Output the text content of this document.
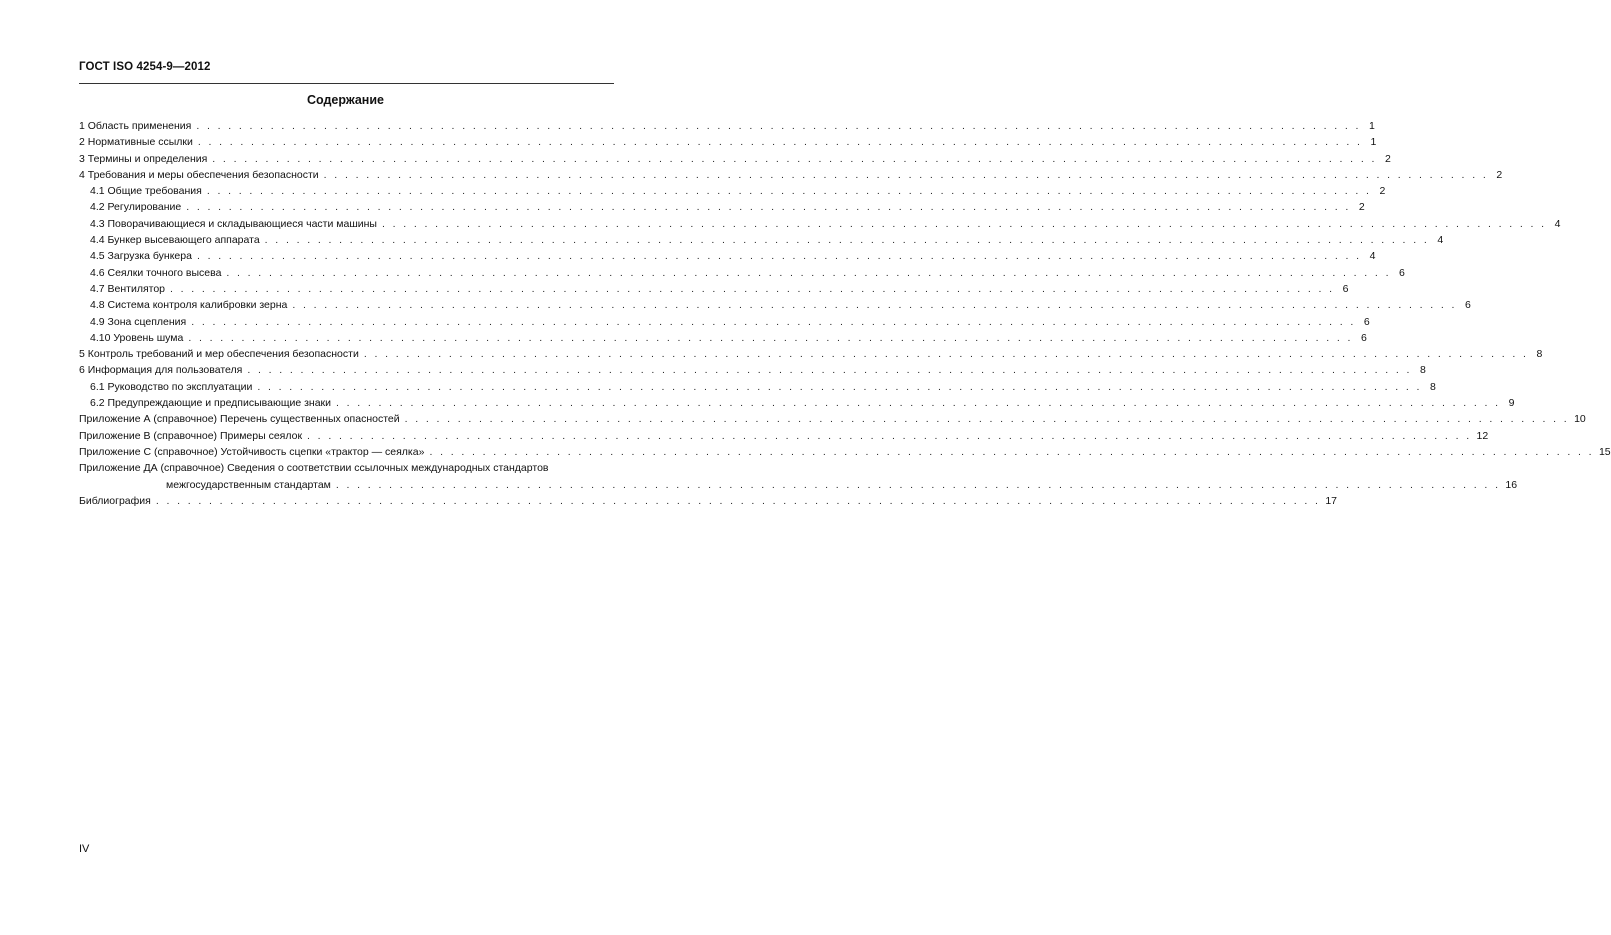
ГОСТ ISO 4254-9—2012
Содержание
1 Область применения . . . . . . . . . . . . . . . . . . . . . . . . . . . . . . . . . . . . . . . . . . . . . . . . . . . . . . . . . . . . . . . . . . . . . . . . . . . . . . . . . . . . . . . . . . . . . . . . . . . . . . . . . . . . . . 1
2 Нормативные ссылки . . . . . . . . . . . . . . . . . . . . . . . . . . . . . . . . . . . . . . . . . . . . . . . . . . . . . . . . . . . . . . . . . . . . . . . . . . . . . . . . . . . . . . . . . . . . . . . . . . . . . . . . . . . . . . 1
3 Термины и определения . . . . . . . . . . . . . . . . . . . . . . . . . . . . . . . . . . . . . . . . . . . . . . . . . . . . . . . . . . . . . . . . . . . . . . . . . . . . . . . . . . . . . . . . . . . . . . . . . . . . . . . . . . . . . . 2
4 Требования и меры обеспечения безопасности . . . . . . . . . . . . . . . . . . . . . . . . . . . . . . . . . . . . . . . . . . . . . . . . . . . . . . . . . . . . . . . . . . . . . . . . . . . . . . . . . . . . . . . . . . . . . . . . . . . . . . . . . . . . . . 2
4.1 Общие требования . . . . . . . . . . . . . . . . . . . . . . . . . . . . . . . . . . . . . . . . . . . . . . . . . . . . . . . . . . . . . . . . . . . . . . . . . . . . . . . . . . . . . . . . . . . . . . . . . . . . . . . . . . . . . . 2
4.2 Регулирование . . . . . . . . . . . . . . . . . . . . . . . . . . . . . . . . . . . . . . . . . . . . . . . . . . . . . . . . . . . . . . . . . . . . . . . . . . . . . . . . . . . . . . . . . . . . . . . . . . . . . . . . . . . . . . 2
4.3 Поворачивающиеся и складывающиеся части машины . . . . . . . . . . . . . . . . . . . . . . . . . . . . . . . . . . . . . . . . . . . . . . . . . . . . . . . . . . . . . . . . . . . . . . . . . . . . . . . . . . . . . . . . . . . . . . . . . . . . . . . . . . . . . . 4
4.4 Бункер высевающего аппарата . . . . . . . . . . . . . . . . . . . . . . . . . . . . . . . . . . . . . . . . . . . . . . . . . . . . . . . . . . . . . . . . . . . . . . . . . . . . . . . . . . . . . . . . . . . . . . . . . . . . . . . . . . . . . . 4
4.5 Загрузка бункера . . . . . . . . . . . . . . . . . . . . . . . . . . . . . . . . . . . . . . . . . . . . . . . . . . . . . . . . . . . . . . . . . . . . . . . . . . . . . . . . . . . . . . . . . . . . . . . . . . . . . . . . . . . . . . 4
4.6 Сеялки точного высева . . . . . . . . . . . . . . . . . . . . . . . . . . . . . . . . . . . . . . . . . . . . . . . . . . . . . . . . . . . . . . . . . . . . . . . . . . . . . . . . . . . . . . . . . . . . . . . . . . . . . . . . . . . . . . 6
4.7 Вентилятор . . . . . . . . . . . . . . . . . . . . . . . . . . . . . . . . . . . . . . . . . . . . . . . . . . . . . . . . . . . . . . . . . . . . . . . . . . . . . . . . . . . . . . . . . . . . . . . . . . . . . . . . . . . . . . 6
4.8 Система контроля калибровки зерна . . . . . . . . . . . . . . . . . . . . . . . . . . . . . . . . . . . . . . . . . . . . . . . . . . . . . . . . . . . . . . . . . . . . . . . . . . . . . . . . . . . . . . . . . . . . . . . . . . . . . . . . . . . . . . 6
4.9 Зона сцепления . . . . . . . . . . . . . . . . . . . . . . . . . . . . . . . . . . . . . . . . . . . . . . . . . . . . . . . . . . . . . . . . . . . . . . . . . . . . . . . . . . . . . . . . . . . . . . . . . . . . . . . . . . . . . . 6
4.10 Уровень шума . . . . . . . . . . . . . . . . . . . . . . . . . . . . . . . . . . . . . . . . . . . . . . . . . . . . . . . . . . . . . . . . . . . . . . . . . . . . . . . . . . . . . . . . . . . . . . . . . . . . . . . . . . . . . . 6
5 Контроль требований и мер обеспечения безопасности . . . . . . . . . . . . . . . . . . . . . . . . . . . . . . . . . . . . . . . . . . . . . . . . . . . . . . . . . . . . . . . . . . . . . . . . . . . . . . . . . . . . . . . . . . . . . . . . . . . . . . . . . . . . . . 8
6 Информация для пользователя . . . . . . . . . . . . . . . . . . . . . . . . . . . . . . . . . . . . . . . . . . . . . . . . . . . . . . . . . . . . . . . . . . . . . . . . . . . . . . . . . . . . . . . . . . . . . . . . . . . . . . . . . . . . . . 8
6.1 Руководство по эксплуатации . . . . . . . . . . . . . . . . . . . . . . . . . . . . . . . . . . . . . . . . . . . . . . . . . . . . . . . . . . . . . . . . . . . . . . . . . . . . . . . . . . . . . . . . . . . . . . . . . . . . . . . . . . . . . . 8
6.2 Предупреждающие и предписывающие знаки . . . . . . . . . . . . . . . . . . . . . . . . . . . . . . . . . . . . . . . . . . . . . . . . . . . . . . . . . . . . . . . . . . . . . . . . . . . . . . . . . . . . . . . . . . . . . . . . . . . . . . . . . . . . . . 9
Приложение А (справочное) Перечень существенных опасностей . . . . . . . . . . . . . . . . . . . . . . . . . . . . . . . . . . . . . . . . . . . . . . . . . . . . . . . . . . . . . . . . . . . . . . . . . . . . . . . . . . . . . . . . . . . . . . . . . . . . . . . . . . . . . . 10
Приложение В (справочное) Примеры сеялок . . . . . . . . . . . . . . . . . . . . . . . . . . . . . . . . . . . . . . . . . . . . . . . . . . . . . . . . . . . . . . . . . . . . . . . . . . . . . . . . . . . . . . . . . . . . . . . . . . . . . . . . . . . . . . 12
Приложение С (справочное) Устойчивость сцепки «трактор — сеялка» . . . . . . . . . . . . . . . . . . . . . . . . . . . . . . . . . . . . . . . . . . . . . . . . . . . . . . . . . . . . . . . . . . . . . . . . . . . . . . . . . . . . . . . . . . . . . . . . . . . . . . . . . . . . . . 15
Приложение ДА (справочное) Сведения о соответствии ссылочных международных стандартов
межгосударственным стандартам . . . . . . . . . . . . . . . . . . . . . . . . . . . . . . . . . . . . . . . . . . . . . . . . . . . . . . . . . . . . . . . . . . . . . . . . . . . . . . . . . . . . . . . . . . . . . . . . . . . . . . . . . . . . . . 16
Библиография . . . . . . . . . . . . . . . . . . . . . . . . . . . . . . . . . . . . . . . . . . . . . . . . . . . . . . . . . . . . . . . . . . . . . . . . . . . . . . . . . . . . . . . . . . . . . . . . . . . . . . . . . . . . . . 17
IV
